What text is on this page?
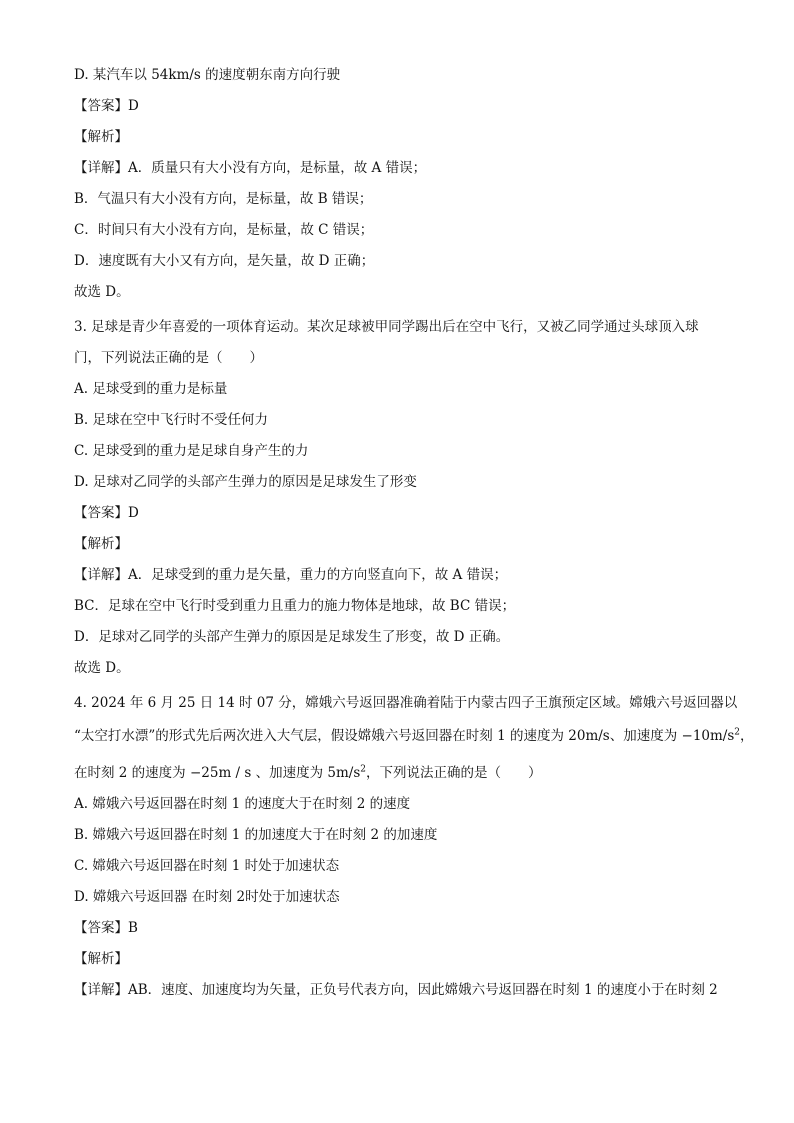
D. 某汽车以 54km/s 的速度朝东南方向行驶
【答案】D
【解析】
【详解】A．质量只有大小没有方向，是标量，故 A 错误；
B．气温只有大小没有方向，是标量，故 B 错误；
C．时间只有大小没有方向，是标量，故 C 错误；
D．速度既有大小又有方向，是矢量，故 D 正确；
故选 D。
3. 足球是青少年喜爱的一项体育运动。某次足球被甲同学踢出后在空中飞行，又被乙同学通过头球顶入球
门，下列说法正确的是（　　）
A. 足球受到的重力是标量
B. 足球在空中飞行时不受任何力
C. 足球受到的重力是足球自身产生的力
D. 足球对乙同学的头部产生弹力的原因是足球发生了形变
【答案】D
【解析】
【详解】A．足球受到的重力是矢量，重力的方向竖直向下，故 A 错误；
BC．足球在空中飞行时受到重力且重力的施力物体是地球，故 BC 错误；
D．足球对乙同学的头部产生弹力的原因是足球发生了形变，故 D 正确。
故选 D。
4. 2024 年 6 月 25 日 14 时 07 分，嫦娥六号返回器准确着陆于内蒙古四子王旗预定区域。嫦娥六号返回器以
“太空打水漂”的形式先后两次进入大气层，假设嫦娥六号返回器在时刻 1 的速度为 20m/s、加速度为 $-10m/s^2$，
在时刻 2 的速度为 −25m / s 、加速度为 $5m/s^2$，下列说法正确的是（　　）
A. 嫦娥六号返回器在时刻 1 的速度大于在时刻 2 的速度
B. 嫦娥六号返回器在时刻 1 的加速度大于在时刻 2 的加速度
C. 嫦娥六号返回器在时刻 1 时处于加速状态
D. 嫦娥六号返回器 在时刻 2时处于加速状态
【答案】B
【解析】
【详解】AB．速度、加速度均为矢量，正负号代表方向，因此嫦娥六号返回器在时刻 1 的速度小于在时刻 2
